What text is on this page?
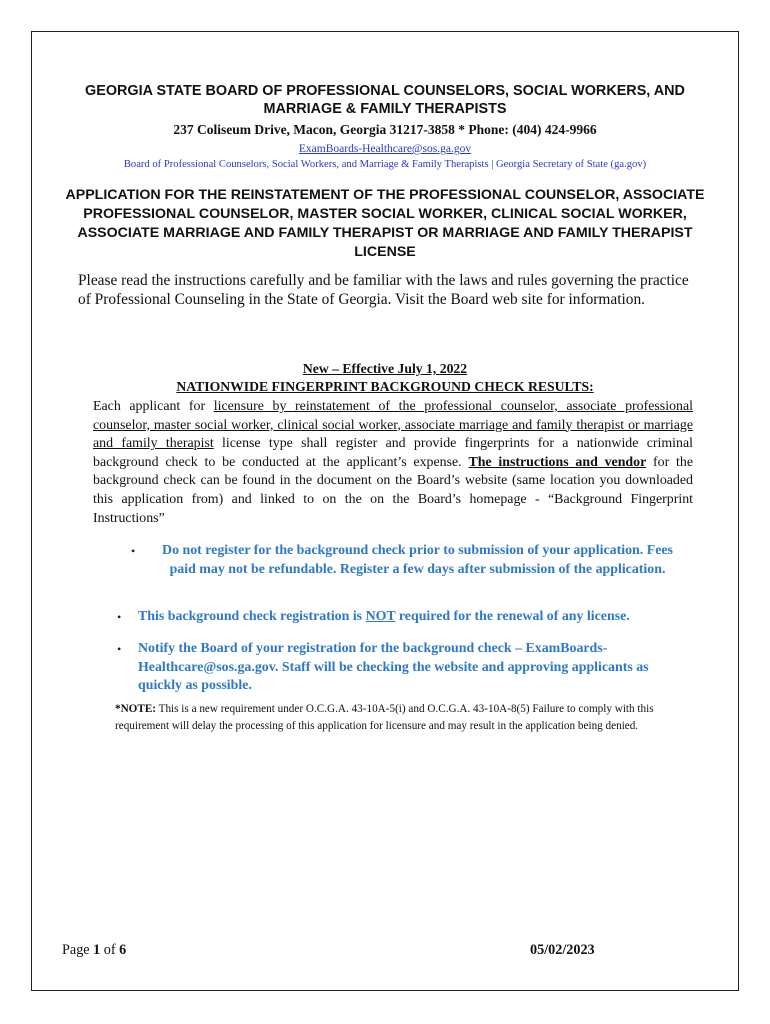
GEORGIA STATE BOARD OF PROFESSIONAL COUNSELORS, SOCIAL WORKERS, AND MARRIAGE & FAMILY THERAPISTS
237 Coliseum Drive, Macon, Georgia 31217-3858 * Phone: (404) 424-9966
ExamBoards-Healthcare@sos.ga.gov
Board of Professional Counselors, Social Workers, and Marriage & Family Therapists | Georgia Secretary of State (ga.gov)
APPLICATION FOR THE REINSTATEMENT OF THE PROFESSIONAL COUNSELOR, ASSOCIATE PROFESSIONAL COUNSELOR, MASTER SOCIAL WORKER, CLINICAL SOCIAL WORKER, ASSOCIATE MARRIAGE AND FAMILY THERAPIST OR MARRIAGE AND FAMILY THERAPIST LICENSE
Please read the instructions carefully and be familiar with the laws and rules governing the practice of Professional Counseling in the State of Georgia. Visit the Board web site for information.
New – Effective July 1, 2022
NATIONWIDE FINGERPRINT BACKGROUND CHECK RESULTS:
Each applicant for licensure by reinstatement of the professional counselor, associate professional counselor, master social worker, clinical social worker, associate marriage and family therapist or marriage and family therapist license type shall register and provide fingerprints for a nationwide criminal background check to be conducted at the applicant’s expense. The instructions and vendor for the background check can be found in the document on the Board’s website (same location you downloaded this application from) and linked to on the on the Board’s homepage - “Background Fingerprint Instructions”
•	Do not register for the background check prior to submission of your application. Fees paid may not be refundable. Register a few days after submission of the application.
• This background check registration is NOT required for the renewal of any license.
• Notify the Board of your registration for the background check – ExamBoards-Healthcare@sos.ga.gov. Staff will be checking the website and approving applicants as quickly as possible.
*NOTE: This is a new requirement under O.C.G.A. 43-10A-5(i) and O.C.G.A. 43-10A-8(5) Failure to comply with this requirement will delay the processing of this application for licensure and may result in the application being denied.
Page 1 of 6	05/02/2023
